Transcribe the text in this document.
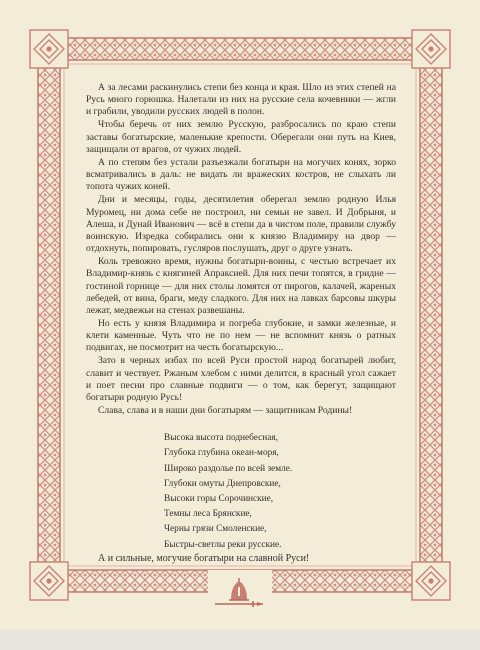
А за лесами раскинулись степи без конца и края. Шло из этих степей на Русь много горюшка. Налетали из них на русские села кочевники — жгли и грабили, уводили русских людей в полон.

Чтобы беречь от них землю Русскую, разбросались по краю степи заставы богатырские, маленькие крепости. Оберегали они путь на Киев, защищали от врагов, от чужих людей.

А по степям без устали разъезжали богатыри на могучих конях, зорко всматривались в даль: не видать ли вражеских костров, не слыхать ли топота чужих коней.

Дни и месяцы, годы, десятилетия оберегал землю родную Илья Муромец, ни дома себе не построил, ни семьи не завел. И Добрыня, и Алеша, и Дунай Иванович — всё в степи да в чистом поле, правили службу воинскую. Изредка собирались они к князю Владимиру на двор — отдохнуть, попировать, гусляров послушать, друг о друге узнать.

Коль тревожно время, нужны богатыри-воины, с честью встречает их Владимир-князь с княгиней Апраксией. Для них печи топятся, в гридне — гостиной горнице — для них столы ломятся от пирогов, калачей, жареных лебедей, от вина, браги, меду сладкого. Для них на лавках барсовы шкуры лежат, медвежьи на стенах развешаны.

Но есть у князя Владимира и погреба глубокие, и замки железные, и клети каменные. Чуть что не по нем — не вспомнит князь о ратных подвигах, не посмотрит на честь богатырскую...

Зато в черных избах по всей Руси простой народ богатырей любит, славит и чествует. Ржаным хлебом с ними делится, в красный угол сажает и поет песни про славные подвиги — о том, как берегут, защищают богатыри родную Русь!

Слава, слава и в наши дни богатырям — защитникам Родины!

Высока высота поднебесная,
Глубока глубина океан-моря,
Широко раздолье по всей земле.
Глубоки омуты Днепровские,
Высоки горы Сорочинские,
Темны леса Брянские,
Черны грязи Смоленские,
Быстры-светлы реки русские.

А и сильные, могучие богатыри на славной Руси!
